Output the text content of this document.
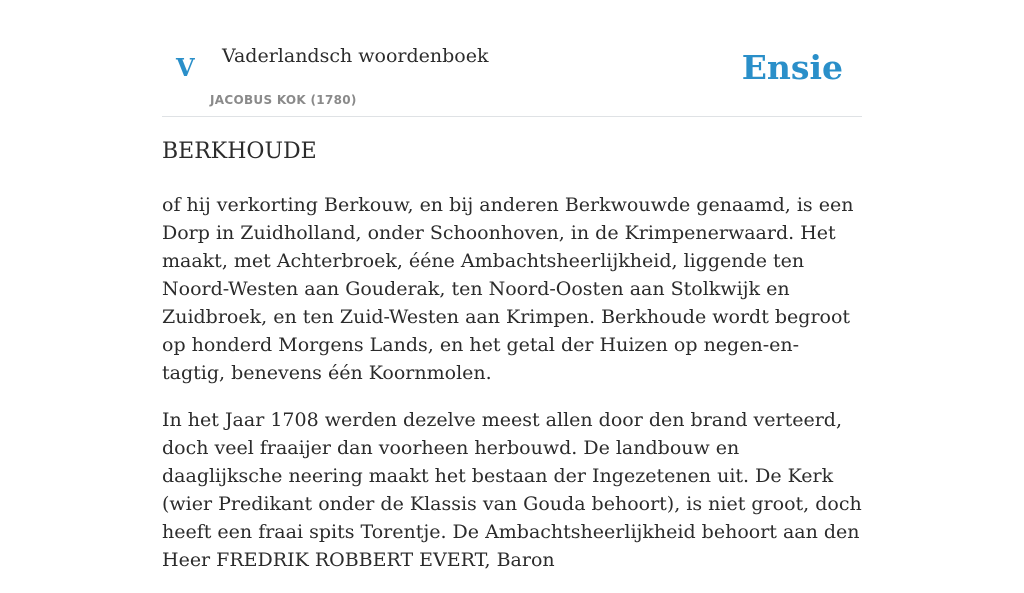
V Vaderlandsch woordenboek
JACOBUS KOK (1780)
Ensie
BERKHOUDE

of hij verkorting Berkouw, en bij anderen Berkwouwde genaamd, is een Dorp in Zuidholland, onder Schoonhoven, in de Krimpenerwaard. Het maakt, met Achterbroek, ééne Ambachtsheerlijkheid, liggende ten Noord-Westen aan Gouderak, ten Noord-Oosten aan Stolkwijk en Zuidbroek, en ten Zuid-Westen aan Krimpen. Berkhoude wordt begroot op honderd Morgens Lands, en het getal der Huizen op negen-en-tagtig, benevens één Koornmolen.

In het Jaar 1708 werden dezelve meest allen door den brand verteerd, doch veel fraaijer dan voorheen herbouwd. De landbouw en daaglijksche neering maakt het bestaan der Ingezetenen uit. De Kerk (wier Predikant onder de Klassis van Gouda behoort), is niet groot, doch heeft een fraai spits Torentje. De Ambachtsheerlijkheid behoort aan den Heer FREDRIK ROBBERT EVERT, Baron
